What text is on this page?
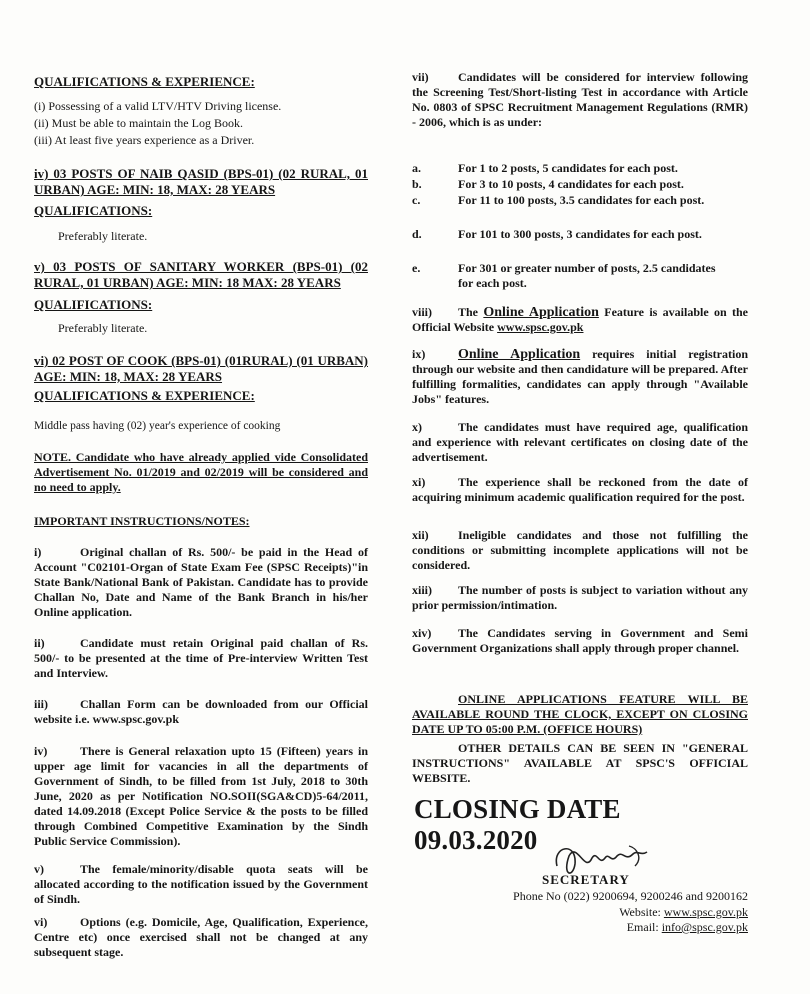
QUALIFICATIONS & EXPERIENCE:
(i) Possessing of a valid LTV/HTV Driving license.
(ii) Must be able to maintain the Log Book.
(iii) At least five years experience as a Driver.
iv) 03 POSTS OF NAIB QASID (BPS-01) (02 RURAL, 01 URBAN) AGE: MIN: 18, MAX: 28 YEARS
QUALIFICATIONS:
Preferably literate.
v) 03 POSTS OF SANITARY WORKER (BPS-01) (02 RURAL, 01 URBAN) AGE: MIN: 18 MAX: 28 YEARS
QUALIFICATIONS:
Preferably literate.
vi) 02 POST OF COOK (BPS-01) (01RURAL) (01 URBAN) AGE: MIN: 18, MAX: 28 YEARS
QUALIFICATIONS & EXPERIENCE:
Middle pass having (02) year's experience of cooking
NOTE. Candidate who have already applied vide Consolidated Advertisement No. 01/2019 and 02/2019 will be considered and no need to apply.
IMPORTANT INSTRUCTIONS/NOTES:
i)	Original challan of Rs. 500/- be paid in the Head of Account "C02101-Organ of State Exam Fee (SPSC Receipts)"in State Bank/National Bank of Pakistan. Candidate has to provide Challan No, Date and Name of the Bank Branch in his/her Online application.
ii)	Candidate must retain Original paid challan of Rs. 500/- to be presented at the time of Pre-interview Written Test and Interview.
iii)	Challan Form can be downloaded from our Official website i.e. www.spsc.gov.pk
iv)	There is General relaxation upto 15 (Fifteen) years in upper age limit for vacancies in all the departments of Government of Sindh, to be filled from 1st July, 2018 to 30th June, 2020 as per Notification NO.SOII(SGA&CD)5-64/2011, dated 14.09.2018 (Except Police Service & the posts to be filled through Combined Competitive Examination by the Sindh Public Service Commission).
v)	The female/minority/disable quota seats will be allocated according to the notification issued by the Government of Sindh.
vi)	Options (e.g. Domicile, Age, Qualification, Experience, Centre etc) once exercised shall not be changed at any subsequent stage.
vii) Candidates will be considered for interview following the Screening Test/Short-listing Test in accordance with Article No. 0803 of SPSC Recruitment Management Regulations (RMR) - 2006, which is as under:
a.	For 1 to 2 posts, 5 candidates for each post.
b.	For 3 to 10 posts, 4 candidates for each post.
c.	For 11 to 100 posts, 3.5 candidates for each post.
d.	For 101 to 300 posts, 3 candidates for each post.
e.	For 301 or greater number of posts, 2.5 candidates for each post.
viii) The Online Application Feature is available on the Official Website www.spsc.gov.pk
ix) Online Application requires initial registration through our website and then candidature will be prepared. After fulfilling formalities, candidates can apply through "Available Jobs" features.
x)	The candidates must have required age, qualification and experience with relevant certificates on closing date of the advertisement.
xi)	The experience shall be reckoned from the date of acquiring minimum academic qualification required for the post.
xii) Ineligible candidates and those not fulfilling the conditions or submitting incomplete applications will not be considered.
xiii) The number of posts is subject to variation without any prior permission/intimation.
xiv) The Candidates serving in Government and Semi Government Organizations shall apply through proper channel.
ONLINE APPLICATIONS FEATURE WILL BE AVAILABLE ROUND THE CLOCK, EXCEPT ON CLOSING DATE UP TO 05:00 P.M. (OFFICE HOURS)
OTHER DETAILS CAN BE SEEN IN "GENERAL INSTRUCTIONS" AVAILABLE AT SPSC'S OFFICIAL WEBSITE.
CLOSING DATE 09.03.2020
SECRETARY
Phone No (022) 9200694, 9200246 and 9200162
Website: www.spsc.gov.pk
Email: info@spsc.gov.pk
